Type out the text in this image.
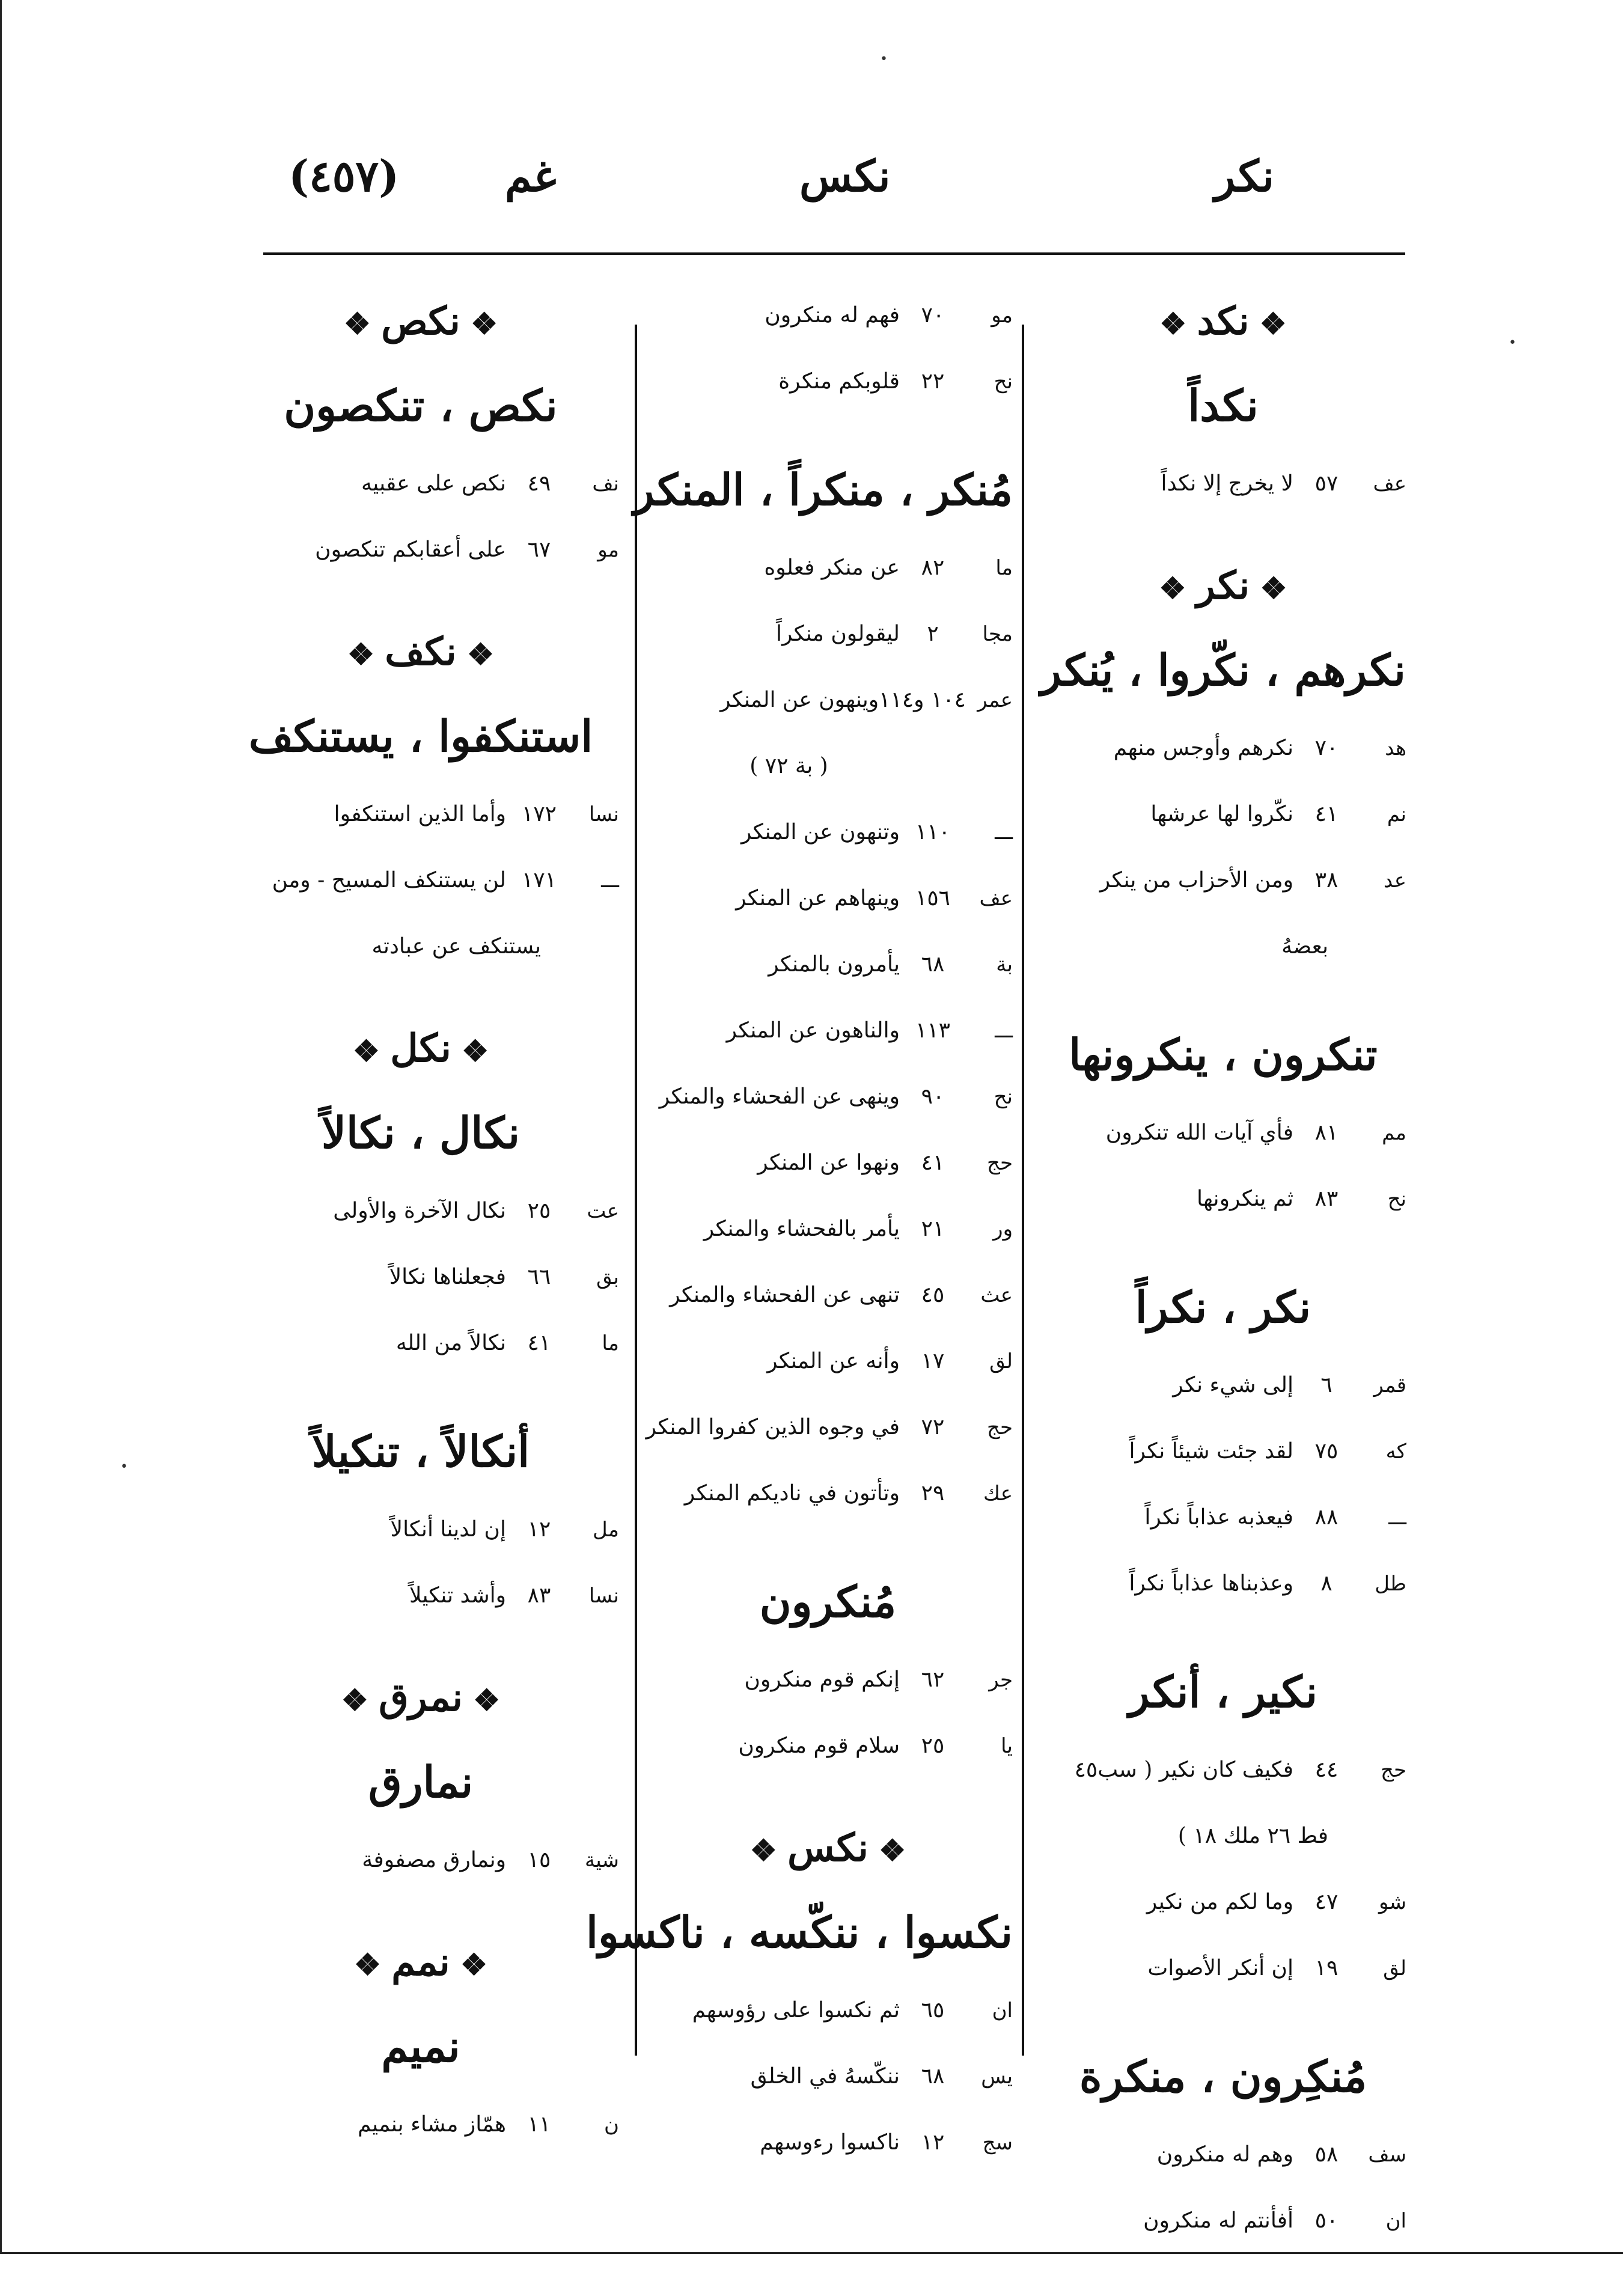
•
•
•
(٤٥٧) غم	نكس	نكر
❖ نكد ❖
نكداً
عف
٥٧
لا يخرج إلا نكداً
❖ نكر ❖
نكرهم ، نكّروا ، يُنكر
هد
٧٠
نكرهم وأوجس منهم
نم
٤١
نكّروا لها عرشها
عد
٣٨
ومن الأحزاب من ينكر
بعضهُ
تنكرون ، ينكرونها
مم
٨١
فأي آيات الله تنكرون
نح
٨٣
ثم ينكرونها
نكر ، نكراً
قمر
٦
إلى شيء نكر
كه
٧٥
لقد جئت شيئاً نكراً
ـــ
٨٨
فيعذبه عذاباً نكراً
طل
٨
وعذبناها عذاباً نكراً
نكير ، أنكر
حج
٤٤
فكيف كان نكير ( سب٤٥
فط ٢٦ ملك ١٨ )
شو
٤٧
وما لكم من نكير
لق
١٩
إن أنكر الأصوات
مُنكِرون ، منكرة
سف
٥٨
وهم له منكرون
ان
٥٠
أفأنتم له منكرون
مو
٧٠
فهم له منكرون
نح
٢٢
قلوبكم منكرة
مُنكر ، منكراً ، المنكر
ما
٨٢
عن منكر فعلوه
مجا
٢
ليقولون منكراً
عمر
١٠٤ و١١٤
وينهون عن المنكر
( بة ٧٢ )
ـــ
١١٠
وتنهون عن المنكر
عف
١٥٦
وينهاهم عن المنكر
بة
٦٨
يأمرون بالمنكر
ـــ
١١٣
والناهون عن المنكر
نح
٩٠
وينهى عن الفحشاء والمنكر
حج
٤١
ونهوا عن المنكر
ور
٢١
يأمر بالفحشاء والمنكر
عث
٤٥
تنهى عن الفحشاء والمنكر
لق
١٧
وأنه عن المنكر
حج
٧٢
في وجوه الذين كفروا المنكر
عك
٢٩
وتأتون في ناديكم المنكر
مُنكرون
جر
٦٢
إنكم قوم منكرون
يا
٢٥
سلام قوم منكرون
❖ نكس ❖
نكسوا ، ننكّسه ، ناكسوا
ان
٦٥
ثم نكسوا على رؤوسهم
يس
٦٨
ننكّسهُ في الخلق
سج
١٢
ناكسوا رءوسهم
❖ نكص ❖
نكص ، تنكصون
نف
٤٩
نكص على عقبيه
مو
٦٧
على أعقابكم تنكصون
❖ نكف ❖
استنكفوا ، يستنكف
نسا
١٧٢
وأما الذين استنكفوا
ـــ
١٧١
لن يستنكف المسيح - ومن
يستنكف عن عبادته
❖ نكل ❖
نكال ، نكالاً
عت
٢٥
نكال الآخرة والأولى
بق
٦٦
فجعلناها نكالاً
ما
٤١
نكالاً من الله
أنكالاً ، تنكيلاً
مل
١٢
إن لدينا أنكالاً
نسا
٨٣
وأشد تنكيلاً
❖ نمرق ❖
نمارق
شية
١٥
ونمارق مصفوفة
❖ نمم ❖
نميم
ن
١١
همّاز مشاء بنميم
